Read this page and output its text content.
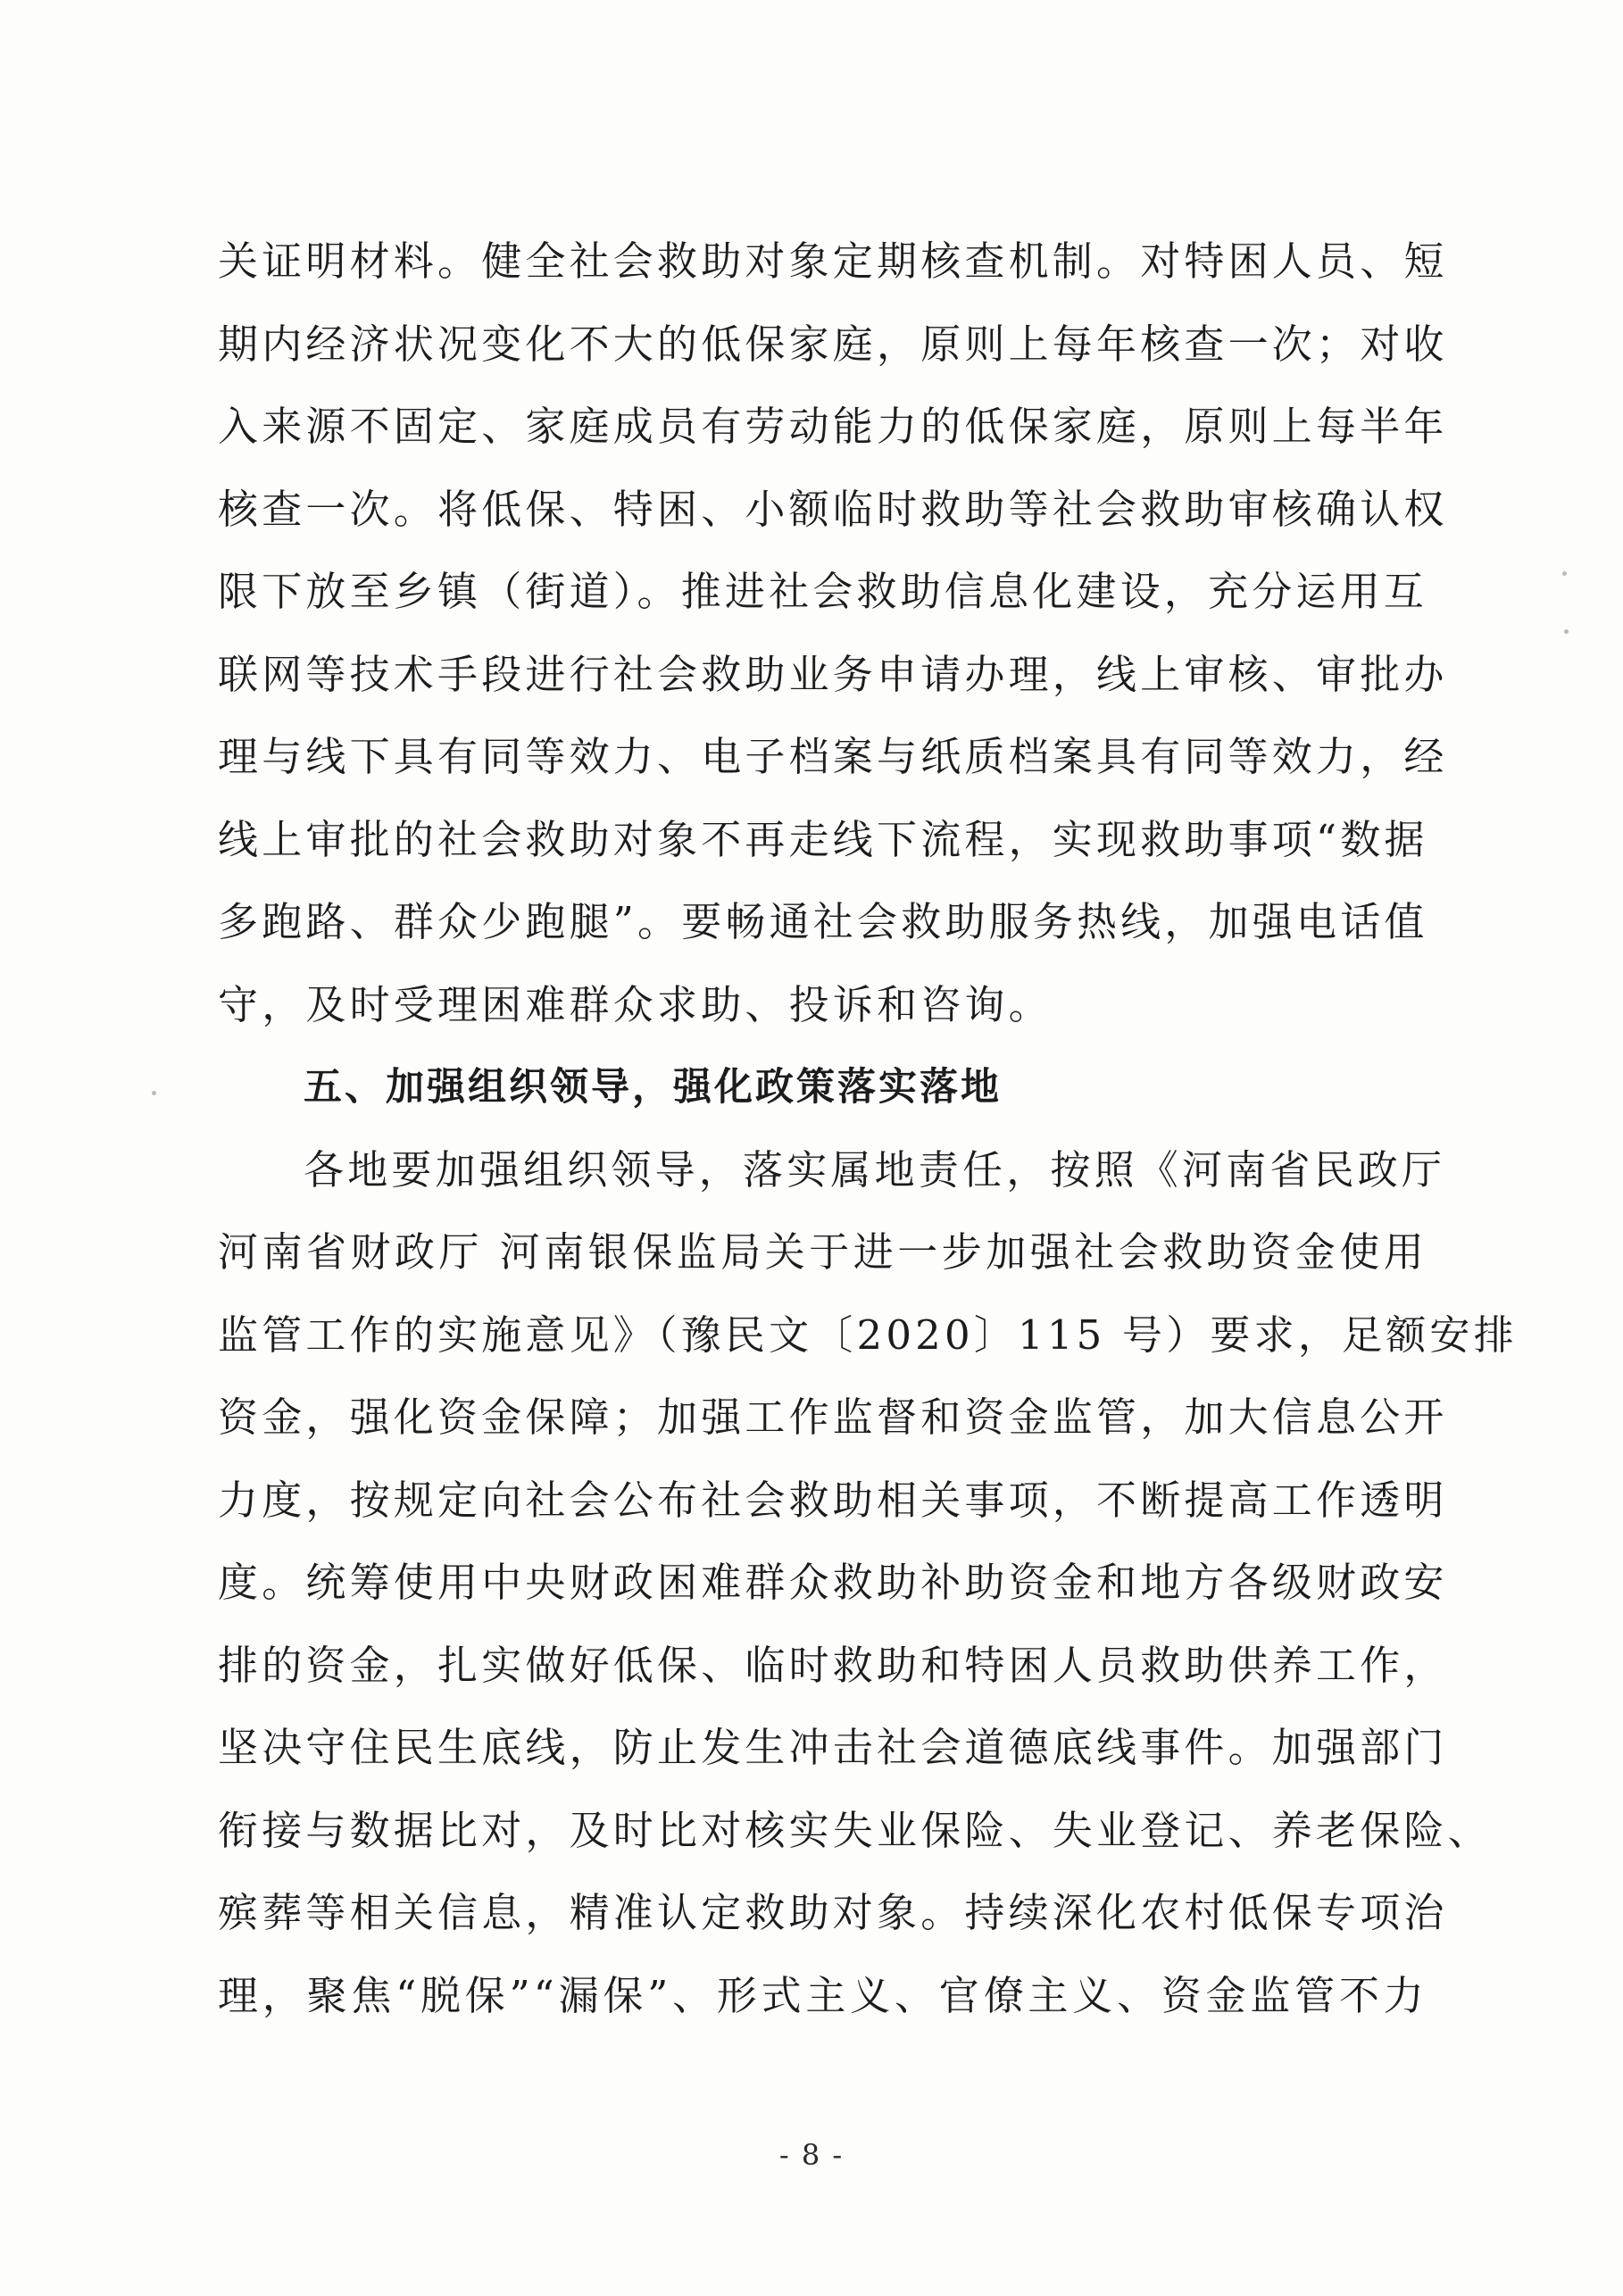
关证明材料。健全社会救助对象定期核查机制。对特困人员、短
期内经济状况变化不大的低保家庭，原则上每年核查一次；对收
入来源不固定、家庭成员有劳动能力的低保家庭，原则上每半年
核查一次。将低保、特困、小额临时救助等社会救助审核确认权
限下放至乡镇（街道）。推进社会救助信息化建设，充分运用互
联网等技术手段进行社会救助业务申请办理，线上审核、审批办
理与线下具有同等效力、电子档案与纸质档案具有同等效力，经
线上审批的社会救助对象不再走线下流程，实现救助事项“数据
多跑路、群众少跑腿”。要畅通社会救助服务热线，加强电话值
守，及时受理困难群众求助、投诉和咨询。
五、加强组织领导，强化政策落实落地
各地要加强组织领导，落实属地责任，按照《河南省民政厅
河南省财政厅 河南银保监局关于进一步加强社会救助资金使用
监管工作的实施意见》（豫民文〔2020〕115 号）要求，足额安排
资金，强化资金保障；加强工作监督和资金监管，加大信息公开
力度，按规定向社会公布社会救助相关事项，不断提高工作透明
度。统筹使用中央财政困难群众救助补助资金和地方各级财政安
排的资金，扎实做好低保、临时救助和特困人员救助供养工作，
坚决守住民生底线，防止发生冲击社会道德底线事件。加强部门
衔接与数据比对，及时比对核实失业保险、失业登记、养老保险、
殡葬等相关信息，精准认定救助对象。持续深化农村低保专项治
理，聚焦“脱保”“漏保”、形式主义、官僚主义、资金监管不力
- 8 -
